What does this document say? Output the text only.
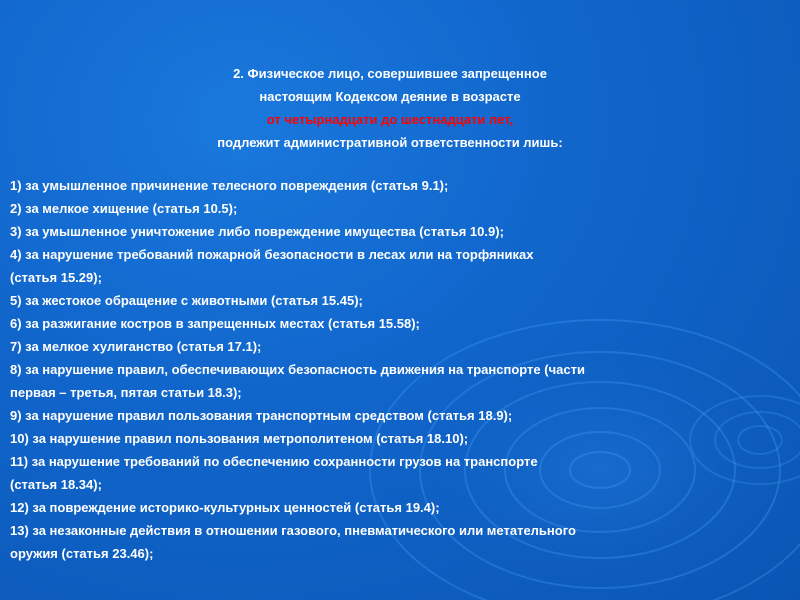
2. Физическое лицо, совершившее запрещенное
настоящим Кодексом деяние в возрасте
от четырнадцати до шестнадцати лет,
подлежит административной ответственности лишь:
1) за умышленное причинение телесного повреждения (статья 9.1);
2) за мелкое хищение (статья 10.5);
3) за умышленное уничтожение либо повреждение имущества (статья 10.9);
4) за нарушение требований пожарной безопасности в лесах или на торфяниках
(статья 15.29);
5) за жестокое обращение с животными (статья 15.45);
6) за разжигание костров в запрещенных местах (статья 15.58);
7) за мелкое хулиганство (статья 17.1);
8) за нарушение правил, обеспечивающих безопасность движения на транспорте (части
первая – третья, пятая статьи 18.3);
9) за нарушение правил пользования транспортным средством (статья 18.9);
10) за нарушение правил пользования метрополитеном (статья 18.10);
11) за нарушение требований по обеспечению сохранности грузов на транспорте
(статья 18.34);
12) за повреждение историко-культурных ценностей (статья 19.4);
13) за незаконные действия в отношении газового, пневматического или метательного
оружия (статья 23.46);
